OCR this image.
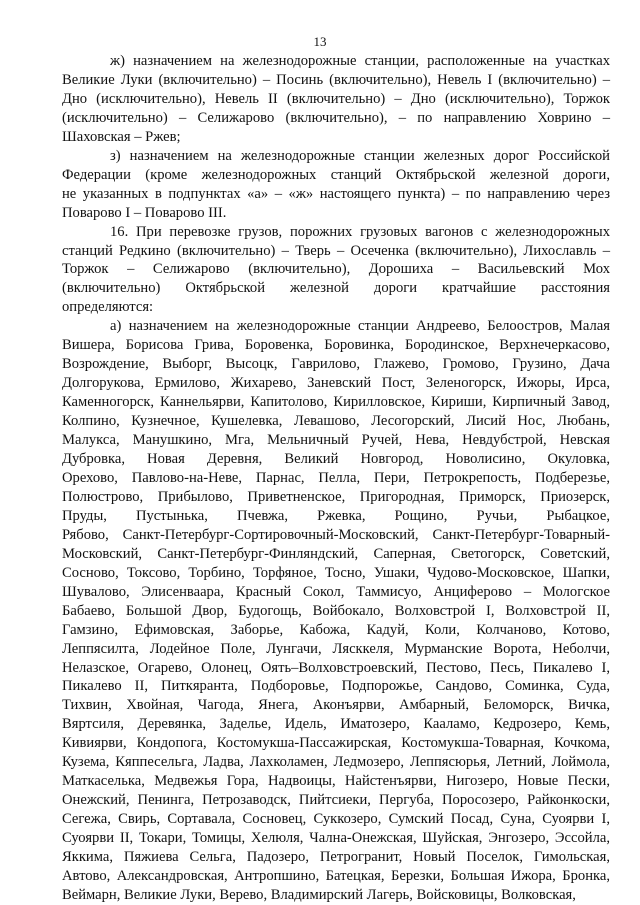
13

ж) назначением на железнодорожные станции, расположенные на участках
Великие Луки (включительно) – Посинь (включительно), Невель I (включительно) –
Дно (исключительно), Невель II (включительно) – Дно (исключительно), Торжок
(исключительно) – Селижарово (включительно), – по направлению Ховрино –
Шаховская – Ржев;

з) назначением на железнодорожные станции железных дорог Российской
Федерации (кроме железнодорожных станций Октябрьской железной дороги,
не указанных в подпунктах «а» – «ж» настоящего пункта) – по направлению через
Поварово I – Поварово III.

16. При перевозке грузов, порожних грузовых вагонов с железнодорожных
станций Редкино (включительно) – Тверь – Осеченка (включительно), Лихославль –
Торжок – Селижарово (включительно), Дорошиха – Васильевский Мох
(включительно) Октябрьской железной дороги кратчайшие расстояния
определяются:

а) назначением на железнодорожные станции Андреево, Белоостров, Малая
Вишера, Борисова Грива, Боровенка, Боровинка, Бородинское, Верхнечеркасово,
Возрождение, Выборг, Высоцк, Гаврилово, Глажево, Громово, Грузино, Дача
Долгорукова, Ермилово, Жихарево, Заневский Пост, Зеленогорск, Ижоры, Ирса,
Каменногорск, Каннельярви, Капитолово, Кирилловское, Кириши, Кирпичный Завод,
Колпино, Кузнечное, Кушелевка, Левашово, Лесогорский, Лисий Нос, Любань,
Малукса, Манушкино, Мга, Мельничный Ручей, Нева, Невдубстрой, Невская
Дубровка, Новая Деревня, Великий Новгород, Новолисино, Окуловка,
Орехово, Павлово-на-Неве, Парнас, Пелла, Пери, Петрокрепость, Подберезье,
Полюстрово, Прибылово, Приветненское, Пригородная, Приморск, Приозерск,
Пруды, Пустынька, Пчевжа, Ржевка, Рощино, Ручьи, Рыбацкое,
Рябово, Санкт-Петербург-Сортировочный-Московский, Санкт-Петербург-Товарный-
Московский, Санкт-Петербург-Финляндский, Саперная, Светогорск, Советский,
Сосново, Токсово, Торбино, Торфяное, Тосно, Ушаки, Чудово-Московское, Шапки,
Шувалово, Элисенваара, Красный Сокол, Таммисуо, Анциферово – Мологское
Бабаево, Большой Двор, Будогощь, Войбокало, Волховстрой I, Волховстрой II,
Гамзино, Ефимовская, Заборье, Кабожа, Кадуй, Коли, Колчаново, Котово,
Леппясилта, Лодейное Поле, Лунгачи, Лясккеля, Мурманские Ворота, Неболчи,
Нелазское, Огарево, Олонец, Оять–Волховстроевский, Пестово, Песь, Пикалево I,
Пикалево II, Питкяранта, Подборовье, Подпорожье, Сандово, Соминка, Суда,
Тихвин, Хвойная, Чагода, Янега, Аконъярви, Амбарный, Беломорск, Вичка,
Вяртсиля, Деревянка, Заделье, Идель, Иматозеро, Кааламо, Кедрозеро, Кемь,
Кивиярви, Кондопога, Костомукша-Пассажирская, Костомукша-Товарная, Кочкома,
Кузема, Кяппесельга, Ладва, Лахколамен, Ледмозеро, Леппясюрья, Летний, Лоймола,
Маткаселька, Медвежья Гора, Надвоицы, Найстенъярви, Нигозеро, Новые Пески,
Онежский, Пенинга, Петрозаводск, Пийтсиеки, Пергуба, Поросозеро, Райконкоски,
Сегежа, Свирь, Сортавала, Сосновец, Суккозеро, Сумский Посад, Суна, Суоярви I,
Суоярви II, Токари, Томицы, Хелюля, Чална-Онежская, Шуйская, Энгозеро, Эссойла,
Яккима, Пяжиева Сельга, Падозеро, Петрогранит, Новый Поселок, Гимольская,
Автово, Александровская, Антропшино, Батецкая, Березки, Большая Ижора, Бронка,
Веймарн, Великие Луки, Верево, Владимирский Лагерь, Войсковицы, Волковская,
